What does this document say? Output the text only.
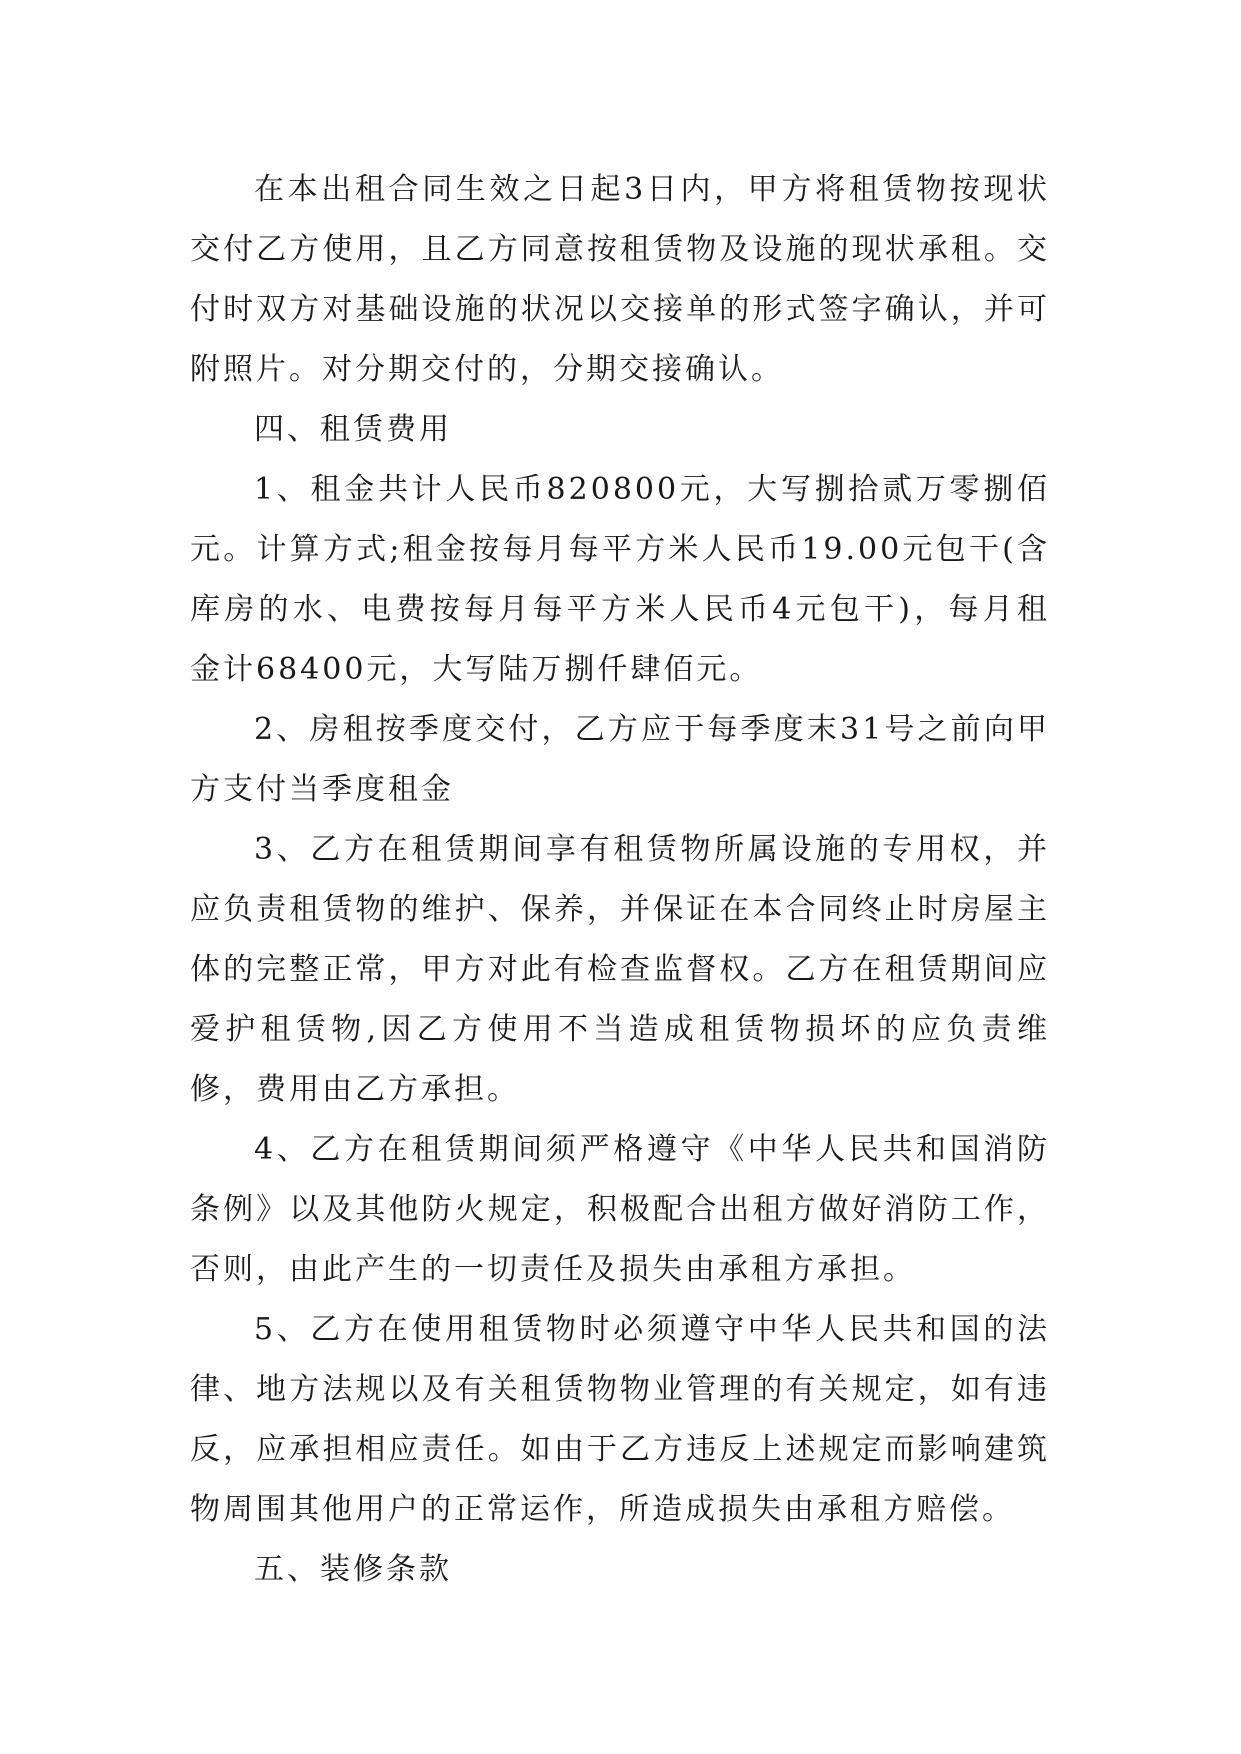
在本出租合同生效之日起3日内，甲方将租赁物按现状交付乙方使用，且乙方同意按租赁物及设施的现状承租。交付时双方对基础设施的状况以交接单的形式签字确认，并可附照片。对分期交付的，分期交接确认。

四、租赁费用

1、租金共计人民币820800元，大写捌拾贰万零捌佰元。计算方式;租金按每月每平方米人民币19.00元包干(含库房的水、电费按每月每平方米人民币4元包干)，每月租金计68400元，大写陆万捌仟肆佰元。

2、房租按季度交付，乙方应于每季度末31号之前向甲方支付当季度租金

3、乙方在租赁期间享有租赁物所属设施的专用权，并应负责租赁物的维护、保养，并保证在本合同终止时房屋主体的完整正常，甲方对此有检查监督权。乙方在租赁期间应爱护租赁物,因乙方使用不当造成租赁物损坏的应负责维修，费用由乙方承担。

4、乙方在租赁期间须严格遵守《中华人民共和国消防条例》以及其他防火规定，积极配合出租方做好消防工作，否则，由此产生的一切责任及损失由承租方承担。

5、乙方在使用租赁物时必须遵守中华人民共和国的法律、地方法规以及有关租赁物物业管理的有关规定，如有违反，应承担相应责任。如由于乙方违反上述规定而影响建筑物周围其他用户的正常运作，所造成损失由承租方赔偿。

五、装修条款
